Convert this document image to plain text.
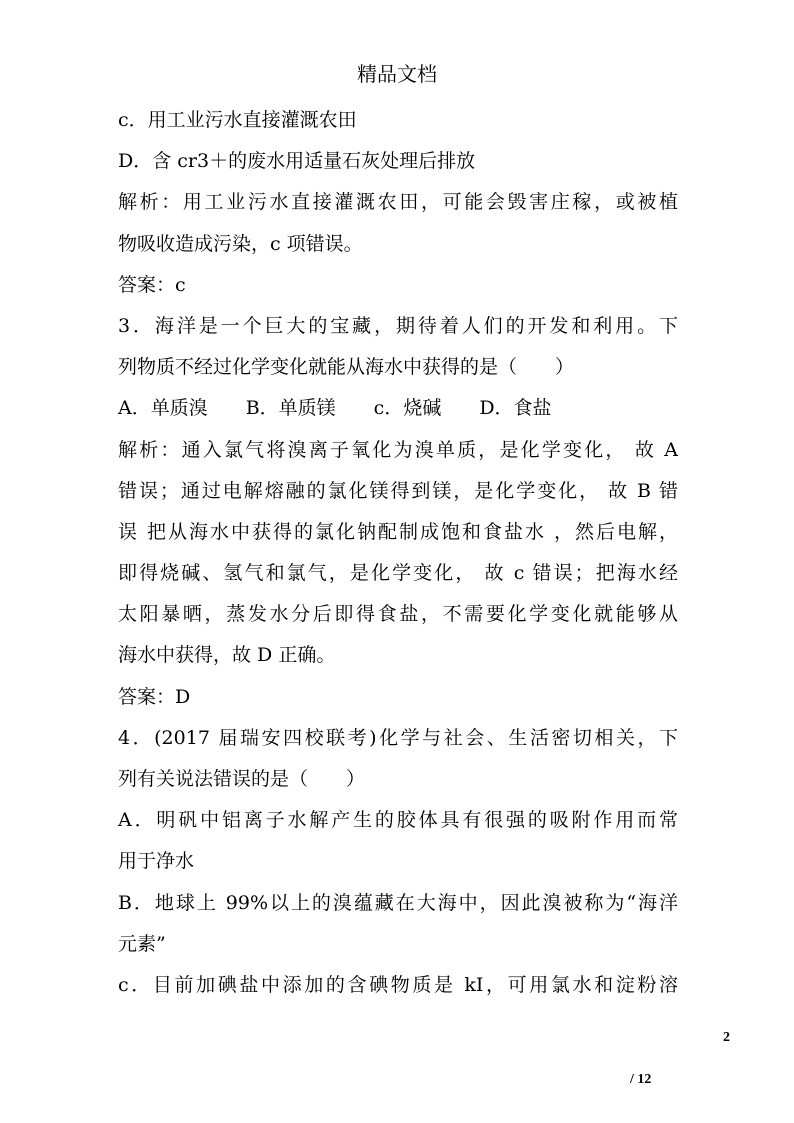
精品文档
c．用工业污水直接灌溉农田
D．含 cr3＋的废水用适量石灰处理后排放
解析：用工业污水直接灌溉农田，可能会毁害庄稼，或被植
物吸收造成污染，c 项错误。
答案：c
3．海洋是一个巨大的宝藏，期待着人们的开发和利用。下
列物质不经过化学变化就能从海水中获得的是（　　）
A．单质溴　　B．单质镁　　c．烧碱　　D．食盐
解析：通入氯气将溴离子氧化为溴单质，是化学变化， 故 A
错误；通过电解熔融的氯化镁得到镁，是化学变化， 故 B 错
误 把从海水中获得的氯化钠配制成饱和食盐水 ，然后电解，
即得烧碱、氢气和氯气，是化学变化， 故 c 错误；把海水经
太阳暴晒，蒸发水分后即得食盐，不需要化学变化就能够从
海水中获得，故 D 正确。
答案：D
4．(2017 届瑞安四校联考)化学与社会、生活密切相关，下
列有关说法错误的是（　　）
A．明矾中铝离子水解产生的胶体具有很强的吸附作用而常
用于净水
B．地球上 99%以上的溴蕴藏在大海中，因此溴被称为“海洋
元素”
c．目前加碘盐中添加的含碘物质是 kI，可用氯水和淀粉溶
2
/ 12
